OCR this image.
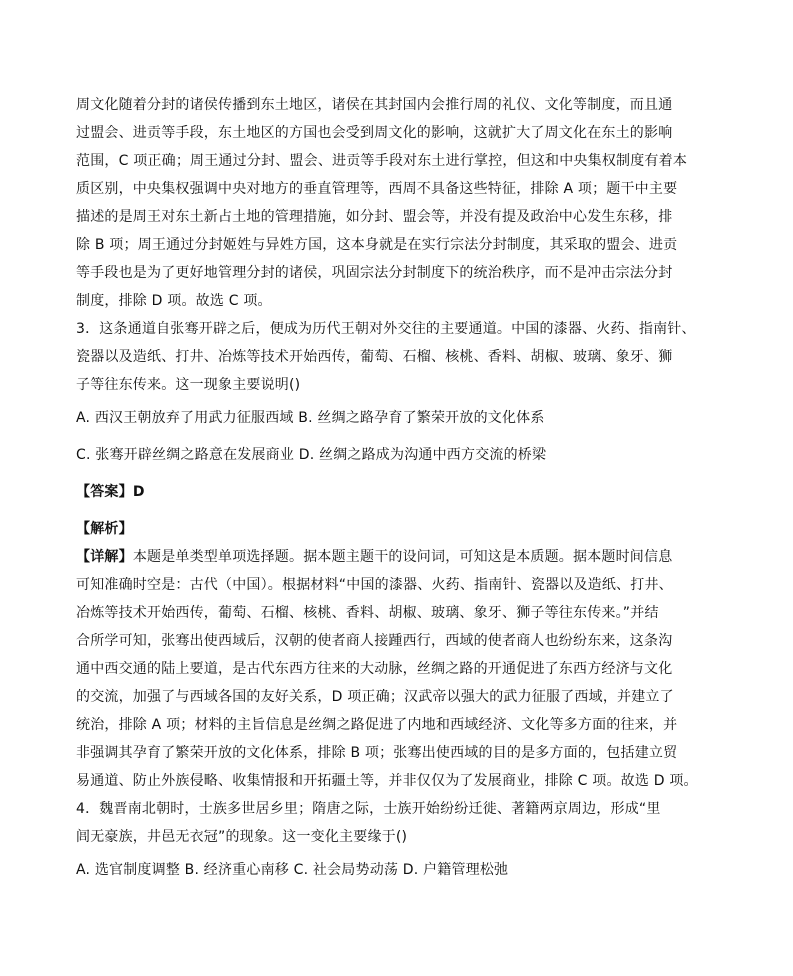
周文化随着分封的诸侯传播到东土地区，诸侯在其封国内会推行周的礼仪、文化等制度，而且通
过盟会、进贡等手段，东土地区的方国也会受到周文化的影响，这就扩大了周文化在东土的影响
范围，C 项正确；周王通过分封、盟会、进贡等手段对东土进行掌控，但这和中央集权制度有着本
质区别，中央集权强调中央对地方的垂直管理等，西周不具备这些特征，排除 A 项；题干中主要
描述的是周王对东土新占土地的管理措施，如分封、盟会等，并没有提及政治中心发生东移，排
除 B 项；周王通过分封姬姓与异姓方国，这本身就是在实行宗法分封制度，其采取的盟会、进贡
等手段也是为了更好地管理分封的诸侯，巩固宗法分封制度下的统治秩序，而不是冲击宗法分封
制度，排除 D 项。故选 C 项。
3．这条通道自张骞开辟之后，便成为历代王朝对外交往的主要通道。中国的漆器、火药、指南针、
瓷器以及造纸、打井、冶炼等技术开始西传，葡萄、石榴、核桃、香料、胡椒、玻璃、象牙、狮
子等往东传来。这一现象主要说明()
A. 西汉王朝放弃了用武力征服西域 B. 丝绸之路孕育了繁荣开放的文化体系
C. 张骞开辟丝绸之路意在发展商业 D. 丝绸之路成为沟通中西方交流的桥梁
【答案】D
【解析】
【详解】本题是单类型单项选择题。据本题主题干的设问词，可知这是本质题。据本题时间信息
可知准确时空是：古代（中国）。根据材料“中国的漆器、火药、指南针、瓷器以及造纸、打井、
冶炼等技术开始西传，葡萄、石榴、核桃、香料、胡椒、玻璃、象牙、狮子等往东传来。”并结
合所学可知，张骞出使西域后，汉朝的使者商人接踵西行，西域的使者商人也纷纷东来，这条沟
通中西交通的陆上要道，是古代东西方往来的大动脉，丝绸之路的开通促进了东西方经济与文化
的交流，加强了与西域各国的友好关系，D 项正确；汉武帝以强大的武力征服了西域，并建立了
统治，排除 A 项；材料的主旨信息是丝绸之路促进了内地和西域经济、文化等多方面的往来，并
非强调其孕育了繁荣开放的文化体系，排除 B 项；张骞出使西域的目的是多方面的，包括建立贸
易通道、防止外族侵略、收集情报和开拓疆土等，并非仅仅为了发展商业，排除 C 项。故选 D 项。
4．魏晋南北朝时，士族多世居乡里；隋唐之际，士族开始纷纷迁徙、著籍两京周边，形成“里
闾无豪族，井邑无衣冠”的现象。这一变化主要缘于()
A. 选官制度调整 B. 经济重心南移 C. 社会局势动荡 D. 户籍管理松弛
